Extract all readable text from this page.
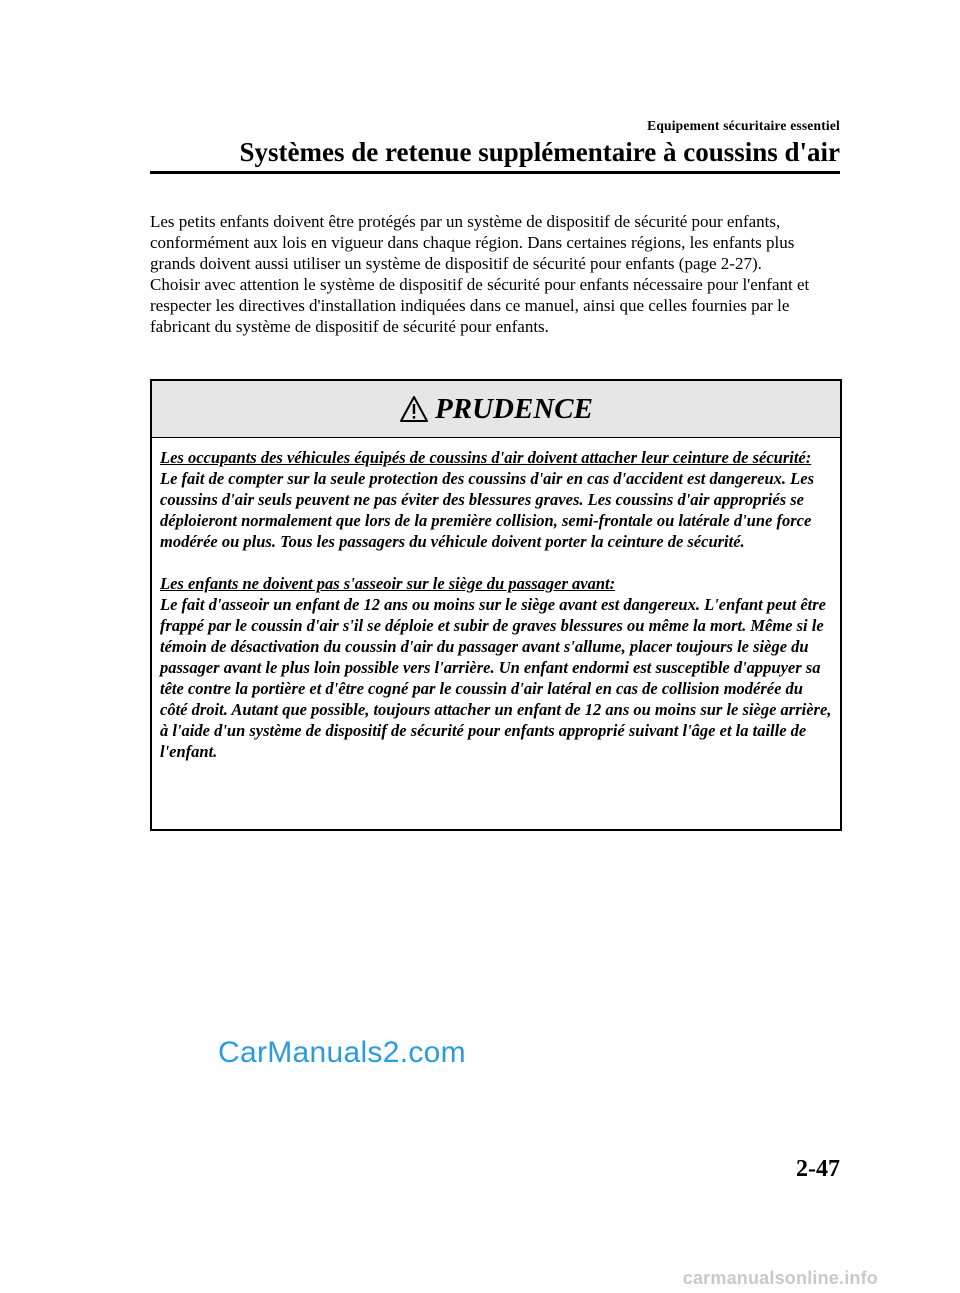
Equipement sécuritaire essentiel
Systèmes de retenue supplémentaire à coussins d'air

Les petits enfants doivent être protégés par un système de dispositif de sécurité pour enfants, conformément aux lois en vigueur dans chaque région. Dans certaines régions, les enfants plus grands doivent aussi utiliser un système de dispositif de sécurité pour enfants (page 2-27).

Choisir avec attention le système de dispositif de sécurité pour enfants nécessaire pour l'enfant et respecter les directives d'installation indiquées dans ce manuel, ainsi que celles fournies par le fabricant du système de dispositif de sécurité pour enfants.

PRUDENCE

Les occupants des véhicules équipés de coussins d'air doivent attacher leur ceinture de sécurité:

Le fait de compter sur la seule protection des coussins d'air en cas d'accident est dangereux. Les coussins d'air seuls peuvent ne pas éviter des blessures graves. Les coussins d'air appropriés se déploieront normalement que lors de la première collision, semi-frontale ou latérale d'une force modérée ou plus. Tous les passagers du véhicule doivent porter la ceinture de sécurité.

Les enfants ne doivent pas s'asseoir sur le siège du passager avant:

Le fait d'asseoir un enfant de 12 ans ou moins sur le siège avant est dangereux. L'enfant peut être frappé par le coussin d'air s'il se déploie et subir de graves blessures ou même la mort. Même si le témoin de désactivation du coussin d'air du passager avant s'allume, placer toujours le siège du passager avant le plus loin possible vers l'arrière. Un enfant endormi est susceptible d'appuyer sa tête contre la portière et d'être cogné par le coussin d'air latéral en cas de collision modérée du côté droit. Autant que possible, toujours attacher un enfant de 12 ans ou moins sur le siège arrière, à l'aide d'un système de dispositif de sécurité pour enfants approprié suivant l'âge et la taille de l'enfant.

CarManuals2.com
2-47
carmanualsonline.info
